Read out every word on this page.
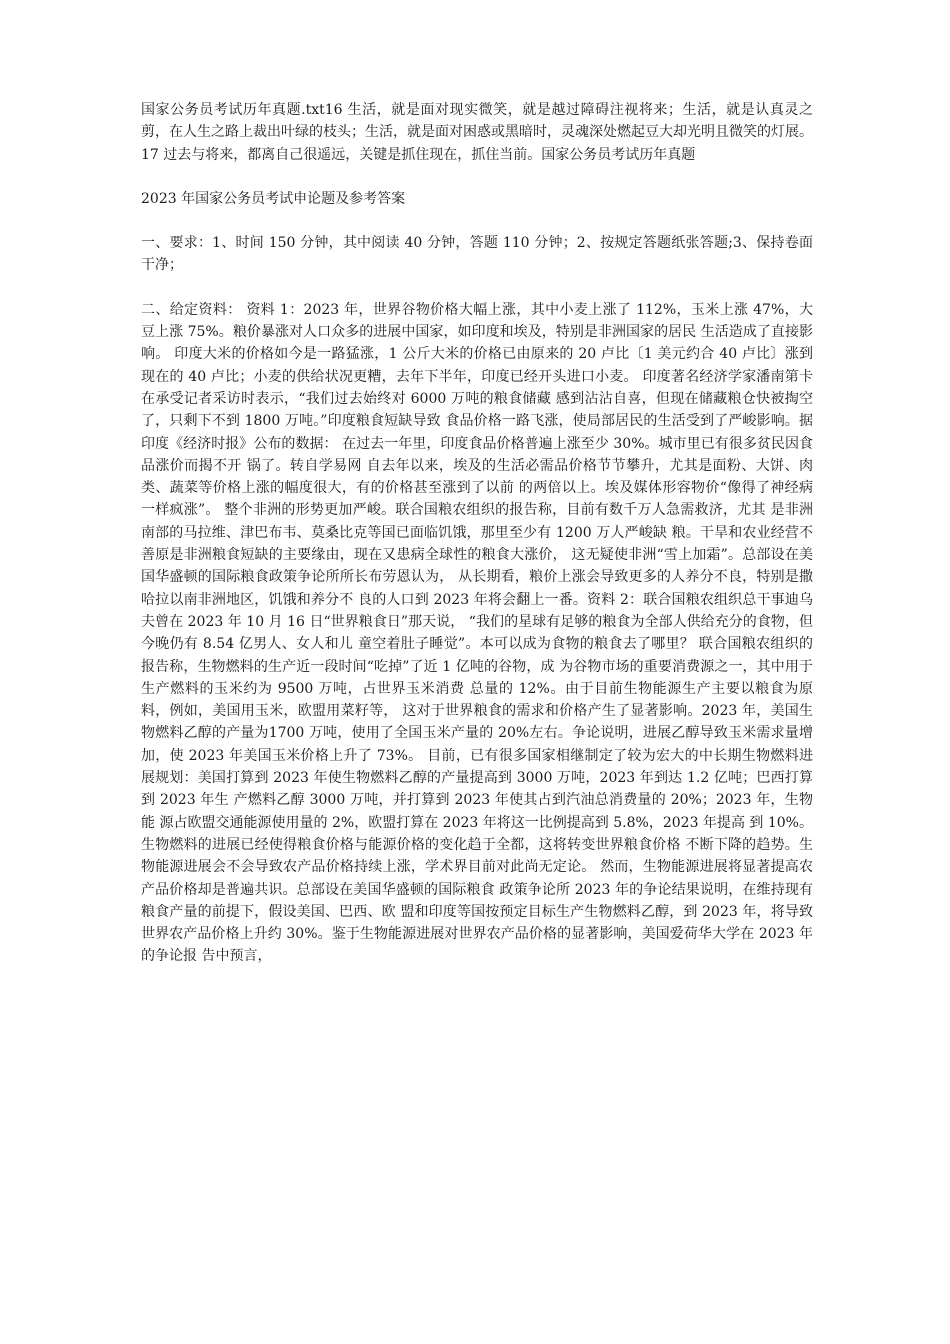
国家公务员考试历年真题.txt16 生活，就是面对现实微笑，就是越过障碍注视将来；生活，就是认真灵之剪，在人生之路上裁出叶绿的枝头；生活，就是面对困惑或黑暗时，灵魂深处燃起豆大却光明且微笑的灯展。17 过去与将来，都离自己很遥远，关键是抓住现在，抓住当前。国家公务员考试历年真题

2023 年国家公务员考试申论题及参考答案

一、要求：1、时间 150 分钟，其中阅读 40 分钟，答题 110 分钟；2、按规定答题纸张答题;3、保持卷面干净；

二、给定资料： 资料 1：2023 年，世界谷物价格大幅上涨，其中小麦上涨了 112%，玉米上涨 47%，大 豆上涨 75%。粮价暴涨对人口众多的进展中国家，如印度和埃及，特别是非洲国家的居民 生活造成了直接影响。 印度大米的价格如今是一路猛涨，1 公斤大米的价格已由原来的 20 卢比〔1 美元约合 40 卢比〕涨到现在的 40 卢比；小麦的供给状况更糟，去年下半年，印度已经开头进口小麦。 印度著名经济学家潘南第卡在承受记者采访时表示，“我们过去始终对 6000 万吨的粮食储藏 感到沾沾自喜，但现在储藏粮仓快被掏空了，只剩下不到 1800 万吨。”印度粮食短缺导致 食品价格一路飞涨，使局部居民的生活受到了严峻影响。据印度《经济时报》公布的数据： 在过去一年里，印度食品价格普遍上涨至少 30%。城市里已有很多贫民因食品涨价而揭不开 锅了。转自学易网 自去年以来，埃及的生活必需品价格节节攀升，尤其是面粉、大饼、肉类、蔬菜等价格上涨的幅度很大，有的价格甚至涨到了以前 的两倍以上。埃及媒体形容物价“像得了神经病 一样疯涨”。 整个非洲的形势更加严峻。联合国粮农组织的报告称，目前有数千万人急需救济，尤其 是非洲南部的马拉维、津巴布韦、莫桑比克等国已面临饥饿，那里至少有 1200 万人严峻缺 粮。干旱和农业经营不善原是非洲粮食短缺的主要缘由，现在又患病全球性的粮食大涨价， 这无疑使非洲“雪上加霜”。总部设在美国华盛顿的国际粮食政策争论所所长布劳恩认为， 从长期看，粮价上涨会导致更多的人养分不良，特别是撒哈拉以南非洲地区，饥饿和养分不 良的人口到 2023 年将会翻上一番。资料 2：联合国粮农组织总干事迪乌夫曾在 2023 年 10 月 16 日“世界粮食日”那天说， “我们的星球有足够的粮食为全部人供给充分的食物，但今晚仍有 8.54 亿男人、女人和儿 童空着肚子睡觉”。本可以成为食物的粮食去了哪里？ 联合国粮农组织的报告称，生物燃料的生产近一段时间“吃掉”了近 1 亿吨的谷物，成 为谷物市场的重要消费源之一，其中用于生产燃料的玉米约为 9500 万吨，占世界玉米消费 总量的 12%。由于目前生物能源生产主要以粮食为原料，例如，美国用玉米，欧盟用菜籽等， 这对于世界粮食的需求和价格产生了显著影响。2023 年，美国生物燃料乙醇的产量为1700 万吨，使用了全国玉米产量的 20%左右。争论说明，进展乙醇导致玉米需求量增加，使 2023 年美国玉米价格上升了 73%。 目前，已有很多国家相继制定了较为宏大的中长期生物燃料进展规划：美国打算到 2023 年使生物燃料乙醇的产量提高到 3000 万吨，2023 年到达 1.2 亿吨；巴西打算到 2023 年生 产燃料乙醇 3000 万吨，并打算到 2023 年使其占到汽油总消费量的 20%；2023 年，生物能 源占欧盟交通能源使用量的 2%，欧盟打算在 2023 年将这一比例提高到 5.8%，2023 年提高 到 10%。 生物燃料的进展已经使得粮食价格与能源价格的变化趋于全都，这将转变世界粮食价格 不断下降的趋势。生物能源进展会不会导致农产品价格持续上涨，学术界目前对此尚无定论。 然而，生物能源进展将显著提高农产品价格却是普遍共识。总部设在美国华盛顿的国际粮食 政策争论所 2023 年的争论结果说明，在维持现有粮食产量的前提下，假设美国、巴西、欧 盟和印度等国按预定目标生产生物燃料乙醇，到 2023 年，将导致世界农产品价格上升约 30%。鉴于生物能源进展对世界农产品价格的显著影响，美国爱荷华大学在 2023 年的争论报 告中预言，
